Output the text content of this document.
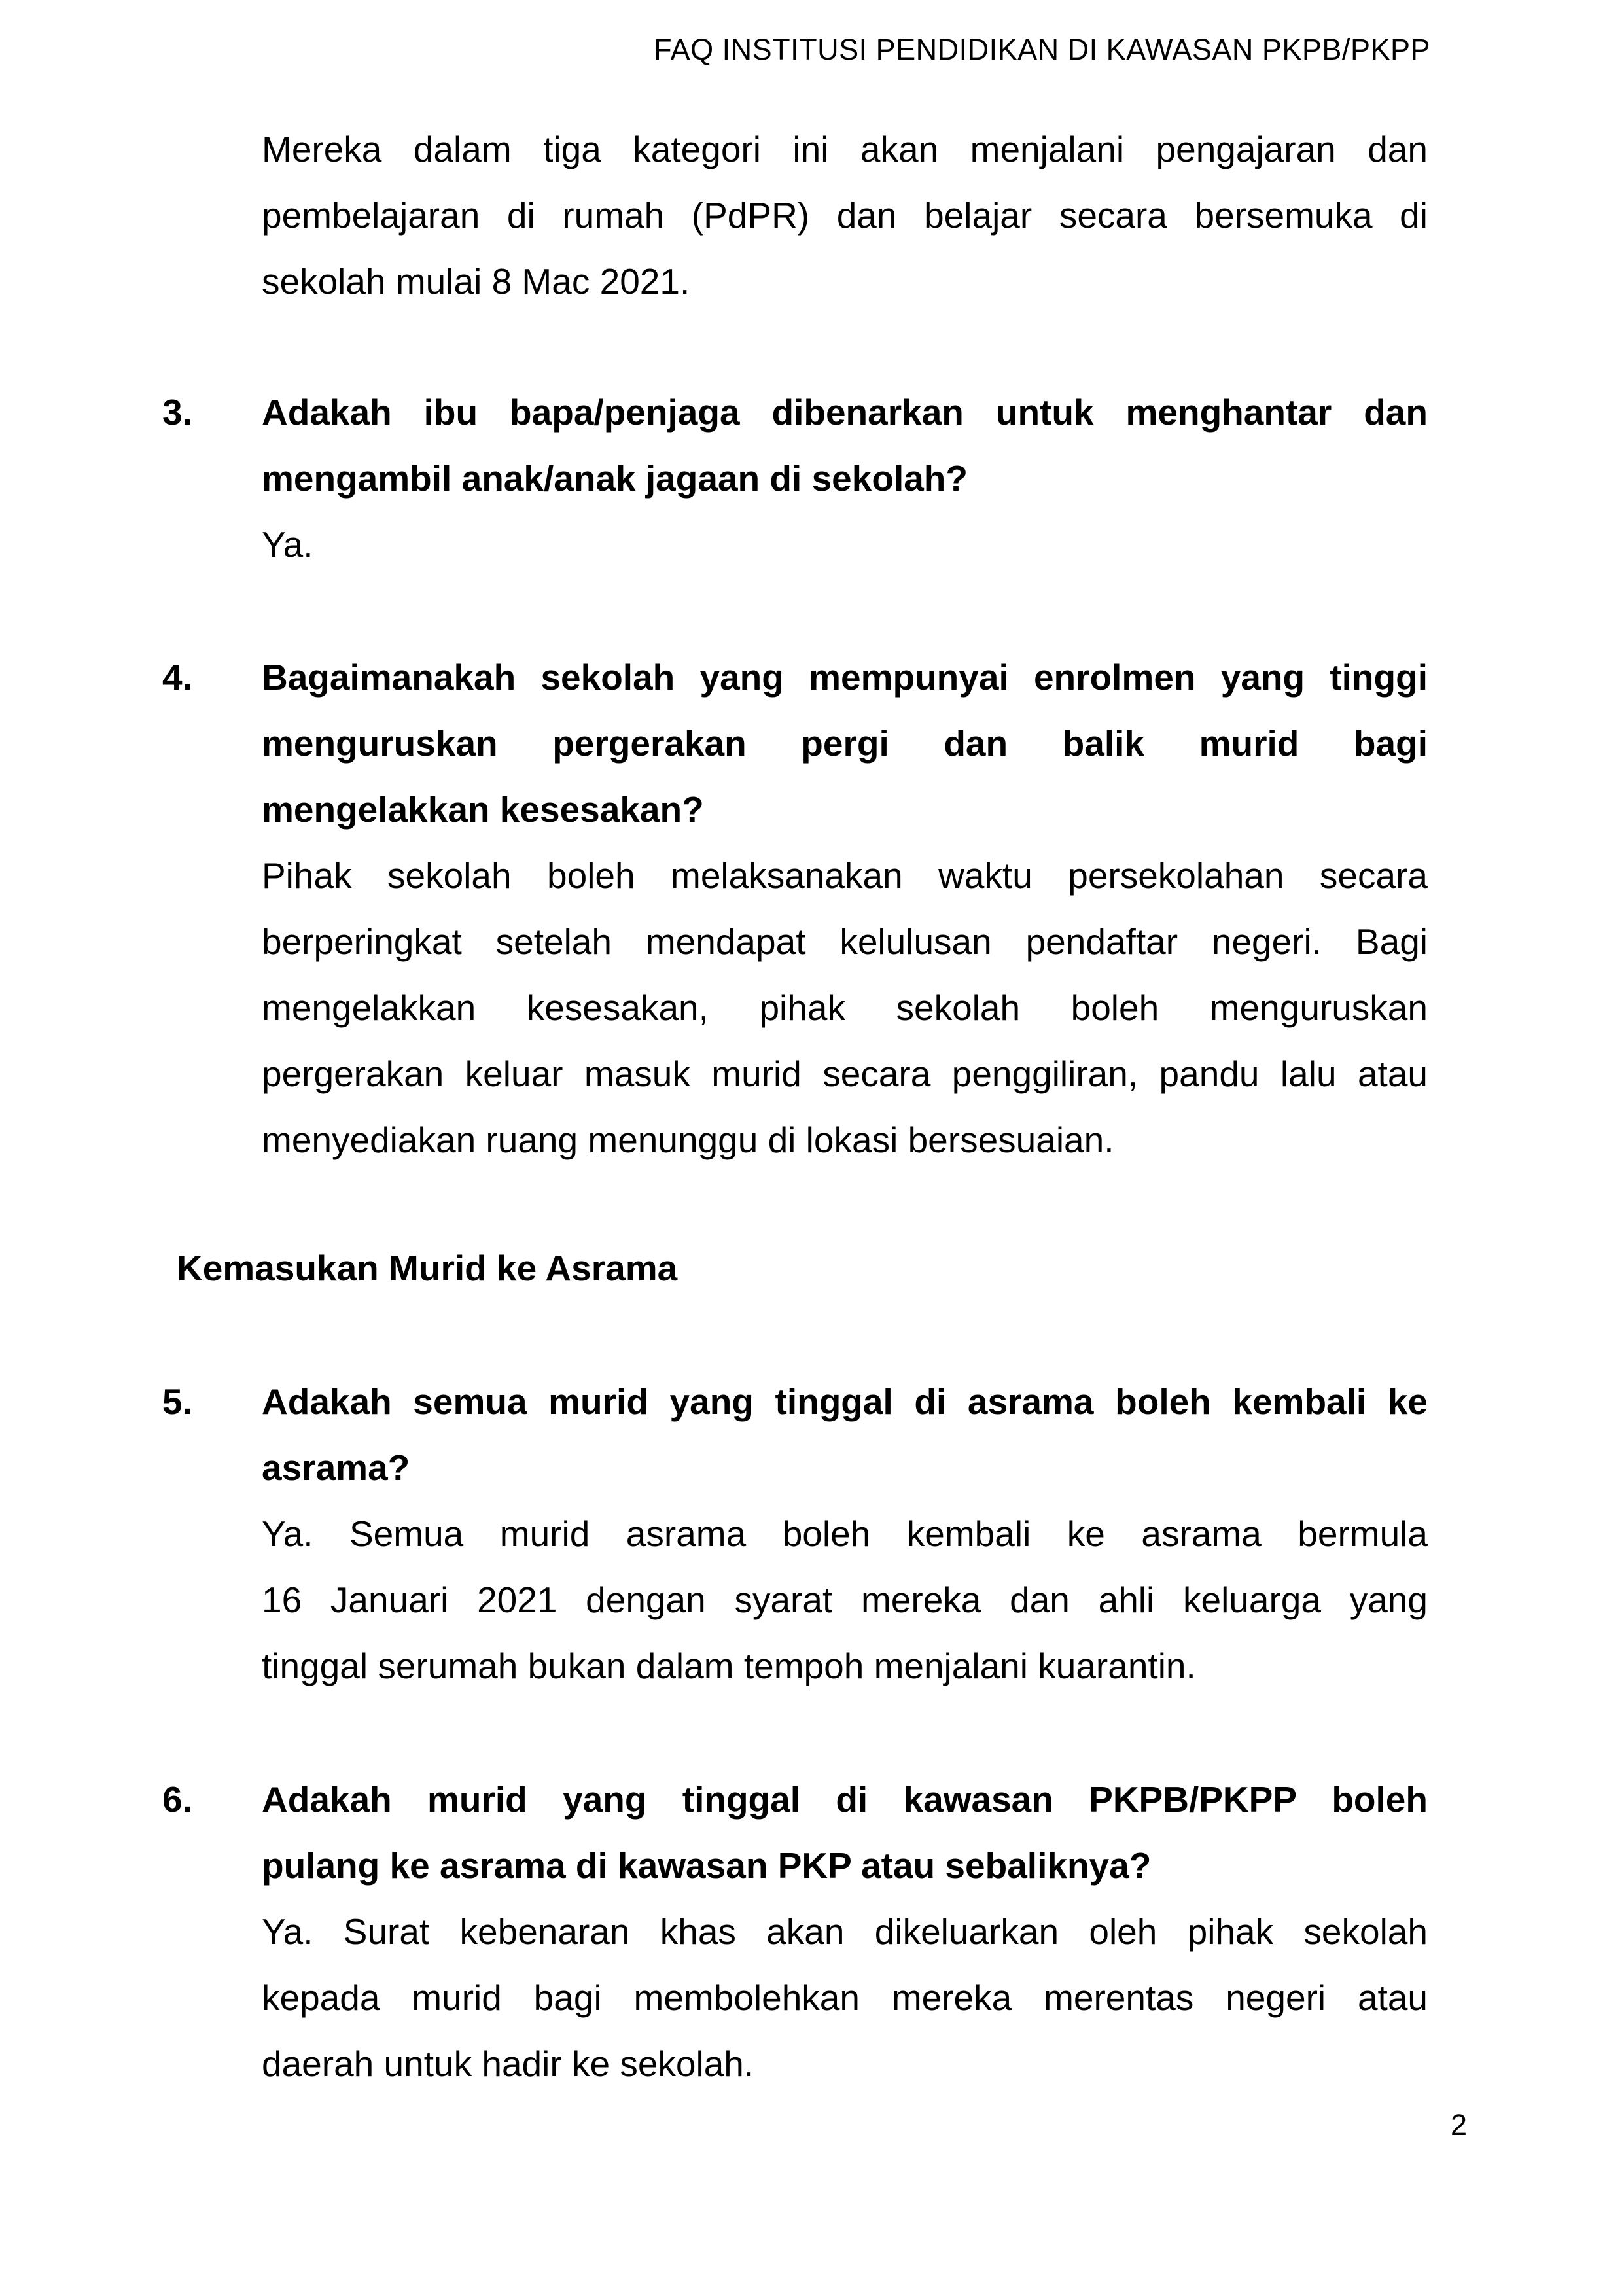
FAQ INSTITUSI PENDIDIKAN DI KAWASAN PKPB/PKPP
Mereka dalam tiga kategori ini akan menjalani pengajaran dan
pembelajaran di rumah (PdPR) dan belajar secara bersemuka di
sekolah mulai 8 Mac 2021.
3. Adakah ibu bapa/penjaga dibenarkan untuk menghantar dan
mengambil anak/anak jagaan di sekolah?
Ya.
4. Bagaimanakah sekolah yang mempunyai enrolmen yang tinggi
menguruskan pergerakan pergi dan balik murid bagi
mengelakkan kesesakan?
Pihak sekolah boleh melaksanakan waktu persekolahan secara
berperingkat setelah mendapat kelulusan pendaftar negeri. Bagi
mengelakkan kesesakan, pihak sekolah boleh menguruskan
pergerakan keluar masuk murid secara penggiliran, pandu lalu atau
menyediakan ruang menunggu di lokasi bersesuaian.
Kemasukan Murid ke Asrama
5. Adakah semua murid yang tinggal di asrama boleh kembali ke
asrama?
Ya. Semua murid asrama boleh kembali ke asrama bermula
16 Januari 2021 dengan syarat mereka dan ahli keluarga yang
tinggal serumah bukan dalam tempoh menjalani kuarantin.
6. Adakah murid yang tinggal di kawasan PKPB/PKPP boleh
pulang ke asrama di kawasan PKP atau sebaliknya?
Ya. Surat kebenaran khas akan dikeluarkan oleh pihak sekolah
kepada murid bagi membolehkan mereka merentas negeri atau
daerah untuk hadir ke sekolah.
2
